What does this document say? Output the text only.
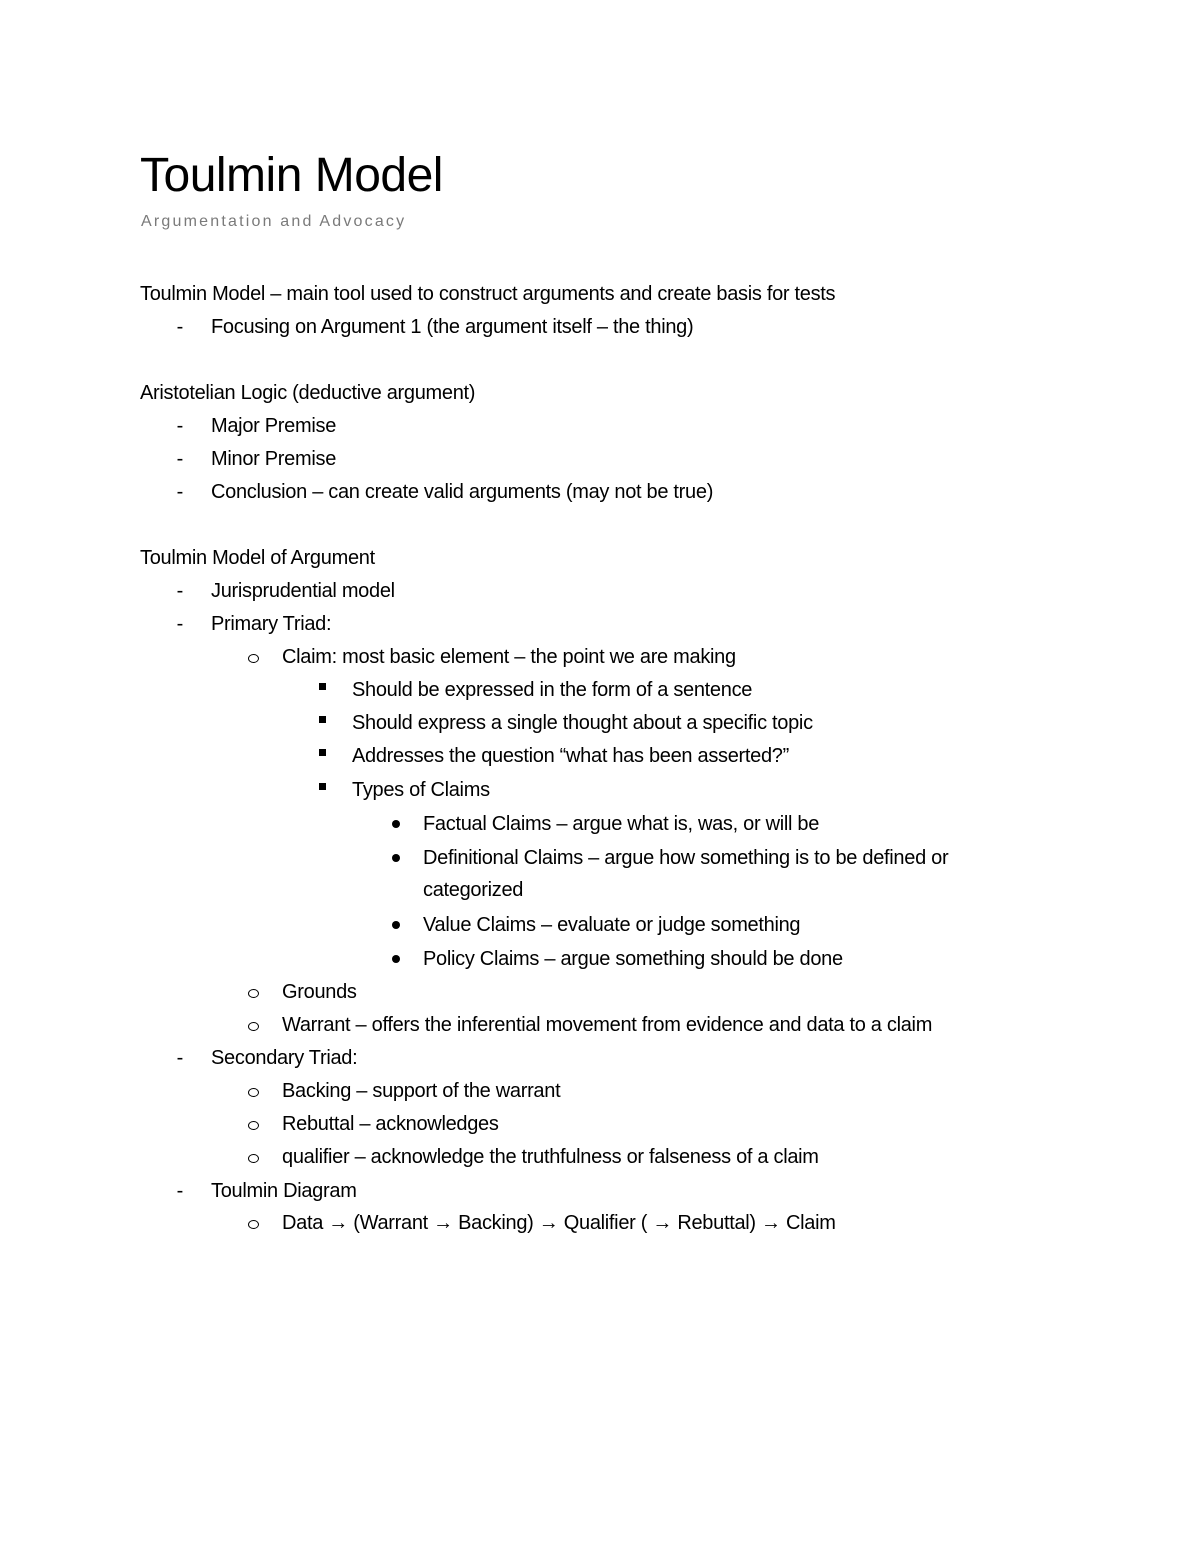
Toulmin Model
Argumentation and Advocacy
Toulmin Model – main tool used to construct arguments and create basis for tests
-	Focusing on Argument 1 (the argument itself – the thing)
Aristotelian Logic (deductive argument)
-	Major Premise
-	Minor Premise
-	Conclusion – can create valid arguments (may not be true)
Toulmin Model of Argument
-	Jurisprudential model
-	Primary Triad:
Claim: most basic element – the point we are making
Should be expressed in the form of a sentence
Should express a single thought about a specific topic
Addresses the question “what has been asserted?”
Types of Claims
Factual Claims – argue what is, was, or will be
Definitional Claims – argue how something is to be defined or
categorized
Value Claims – evaluate or judge something
Policy Claims – argue something should be done
Grounds
Warrant – offers the inferential movement from evidence and data to a claim
-	Secondary Triad:
Backing – support of the warrant
Rebuttal – acknowledges
qualifier – acknowledge the truthfulness or falseness of a claim
-	Toulmin Diagram
Data → (Warrant → Backing) → Qualifier ( → Rebuttal) → Claim
